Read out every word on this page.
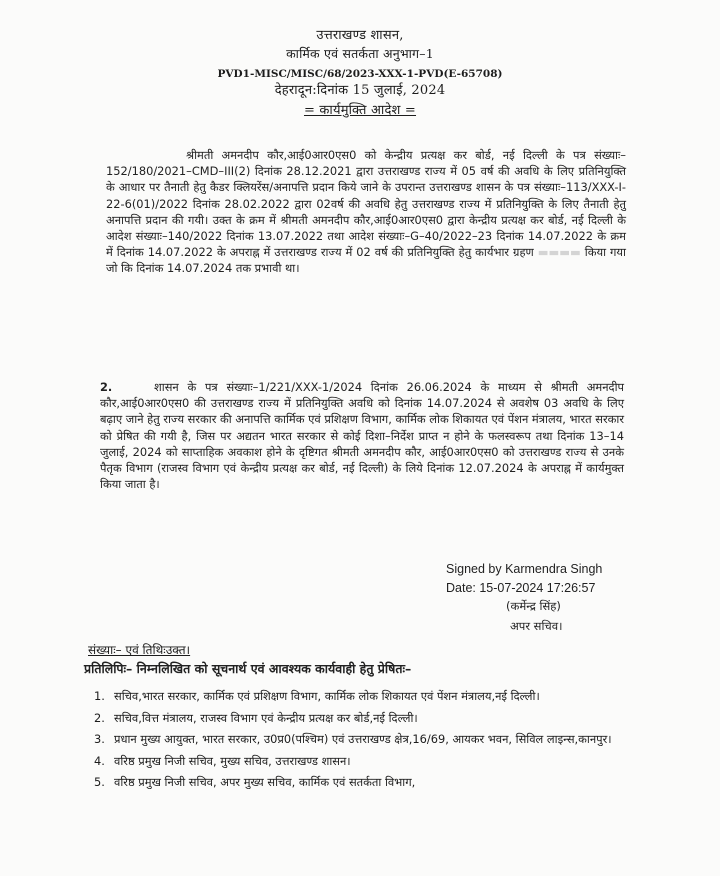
उत्तराखण्ड शासन,
कार्मिक एवं सतर्कता अनुभाग–1
PVD1-MISC/MISC/68/2023-XXX-1-PVD(E-65708)
देहरादून:दिनांक 15 जुलाई, 2024
= कार्यमुक्ति आदेश =
श्रीमती अमनदीप कौर,आई0आर0एस0 को केन्द्रीय प्रत्यक्ष कर बोर्ड, नई दिल्ली के पत्र संख्याः–152/180/2021–CMD–III(2) दिनांक 28.12.2021 द्वारा उत्तराखण्ड राज्य में 05 वर्ष की अवधि के लिए प्रतिनियुक्ति के आधार पर तैनाती हेतु कैडर क्लियरेंस/अनापत्ति प्रदान किये जाने के उपरान्त उत्तराखण्ड शासन के पत्र संख्याः–113/XXX-I-22-6(01)/2022 दिनांक 28.02.2022 द्वारा 02वर्ष की अवधि हेतु उत्तराखण्ड राज्य में प्रतिनियुक्ति के लिए तैनाती हेतु अनापत्ति प्रदान की गयी। उक्त के क्रम में श्रीमती अमनदीप कौर,आई0आर0एस0 द्वारा केन्द्रीय प्रत्यक्ष कर बोर्ड, नई दिल्ली के आदेश संख्याः–140/2022 दिनांक 13.07.2022 तथा आदेश संख्याः–G–40/2022–23 दिनांक 14.07.2022 के क्रम में दिनांक 14.07.2022 के अपराह्न में उत्तराखण्ड राज्य में 02 वर्ष की प्रतिनियुक्ति हेतु कार्यभार ग्रहण ▬▬▬▬ किया गया जो कि दिनांक 14.07.2024 तक प्रभावी था।
2.	शासन के पत्र संख्याः–1/221/XXX-1/2024 दिनांक 26.06.2024 के माध्यम से श्रीमती अमनदीप कौर,आई0आर0एस0 की उत्तराखण्ड राज्य में प्रतिनियुक्ति अवधि को दिनांक 14.07.2024 से अवशेष 03 अवधि के लिए बढ़ाए जाने हेतु राज्य सरकार की अनापत्ति कार्मिक एवं प्रशिक्षण विभाग, कार्मिक लोक शिकायत एवं पेंशन मंत्रालय, भारत सरकार को प्रेषित की गयी है, जिस पर अद्यतन भारत सरकार से कोई दिशा–निर्देश प्राप्त न होने के फलस्वरूप तथा दिनांक 13–14 जुलाई, 2024 को साप्ताहिक अवकाश होने के दृष्टिगत श्रीमती अमनदीप कौर, आई0आर0एस0 को उत्तराखण्ड राज्य से उनके पैतृक विभाग (राजस्व विभाग एवं केन्द्रीय प्रत्यक्ष कर बोर्ड, नई दिल्ली) के लिये दिनांक 12.07.2024 के अपराह्न में कार्यमुक्त किया जाता है।
Signed by Karmendra Singh
Date: 15-07-2024 17:26:57
(कर्मेन्द्र सिंह)
अपर सचिव।
संख्याः– एवं तिथिःउक्त।
प्रतिलिपिः– निम्नलिखित को सूचनार्थ एवं आवश्यक कार्यवाही हेतु प्रेषितः–
1. सचिव,भारत सरकार, कार्मिक एवं प्रशिक्षण विभाग, कार्मिक लोक शिकायत एवं पेंशन मंत्रालय,नई दिल्ली।
2. सचिव,वित्त मंत्रालय, राजस्व विभाग एवं केन्द्रीय प्रत्यक्ष कर बोर्ड,नई दिल्ली।
3. प्रधान मुख्य आयुक्त, भारत सरकार, उ0प्र0(पश्चिम) एवं उत्तराखण्ड क्षेत्र,16/69, आयकर भवन, सिविल लाइन्स,कानपुर।
4. वरिष्ठ प्रमुख निजी सचिव, मुख्य सचिव, उत्तराखण्ड शासन।
5. वरिष्ठ प्रमुख निजी सचिव, अपर मुख्य सचिव, कार्मिक एवं सतर्कता विभाग,
